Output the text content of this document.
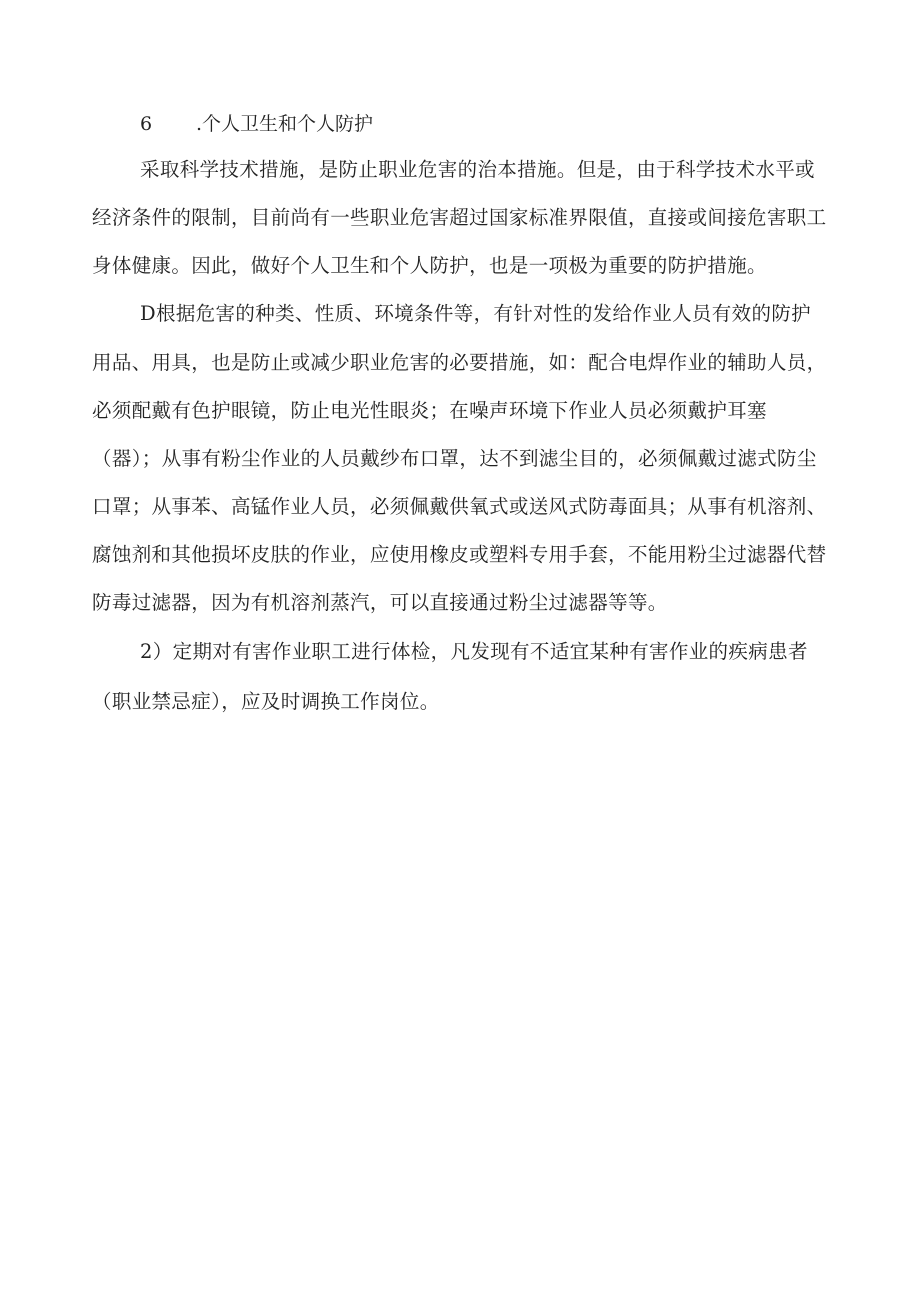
6 .个人卫生和个人防护
采取科学技术措施，是防止职业危害的治本措施。但是，由于科学技术水平或
经济条件的限制，目前尚有一些职业危害超过国家标准界限值，直接或间接危害职工
身体健康。因此，做好个人卫生和个人防护，也是一项极为重要的防护措施。
D根据危害的种类、性质、环境条件等，有针对性的发给作业人员有效的防护
用品、用具，也是防止或减少职业危害的必要措施，如：配合电焊作业的辅助人员，
必须配戴有色护眼镜，防止电光性眼炎；在噪声环境下作业人员必须戴护耳塞
（器）；从事有粉尘作业的人员戴纱布口罩，达不到滤尘目的，必须佩戴过滤式防尘
口罩；从事苯、高锰作业人员，必须佩戴供氧式或送风式防毒面具；从事有机溶剂、
腐蚀剂和其他损坏皮肤的作业，应使用橡皮或塑料专用手套，不能用粉尘过滤器代替
防毒过滤器，因为有机溶剂蒸汽，可以直接通过粉尘过滤器等等。
2）定期对有害作业职工进行体检，凡发现有不适宜某种有害作业的疾病患者
（职业禁忌症），应及时调换工作岗位。
